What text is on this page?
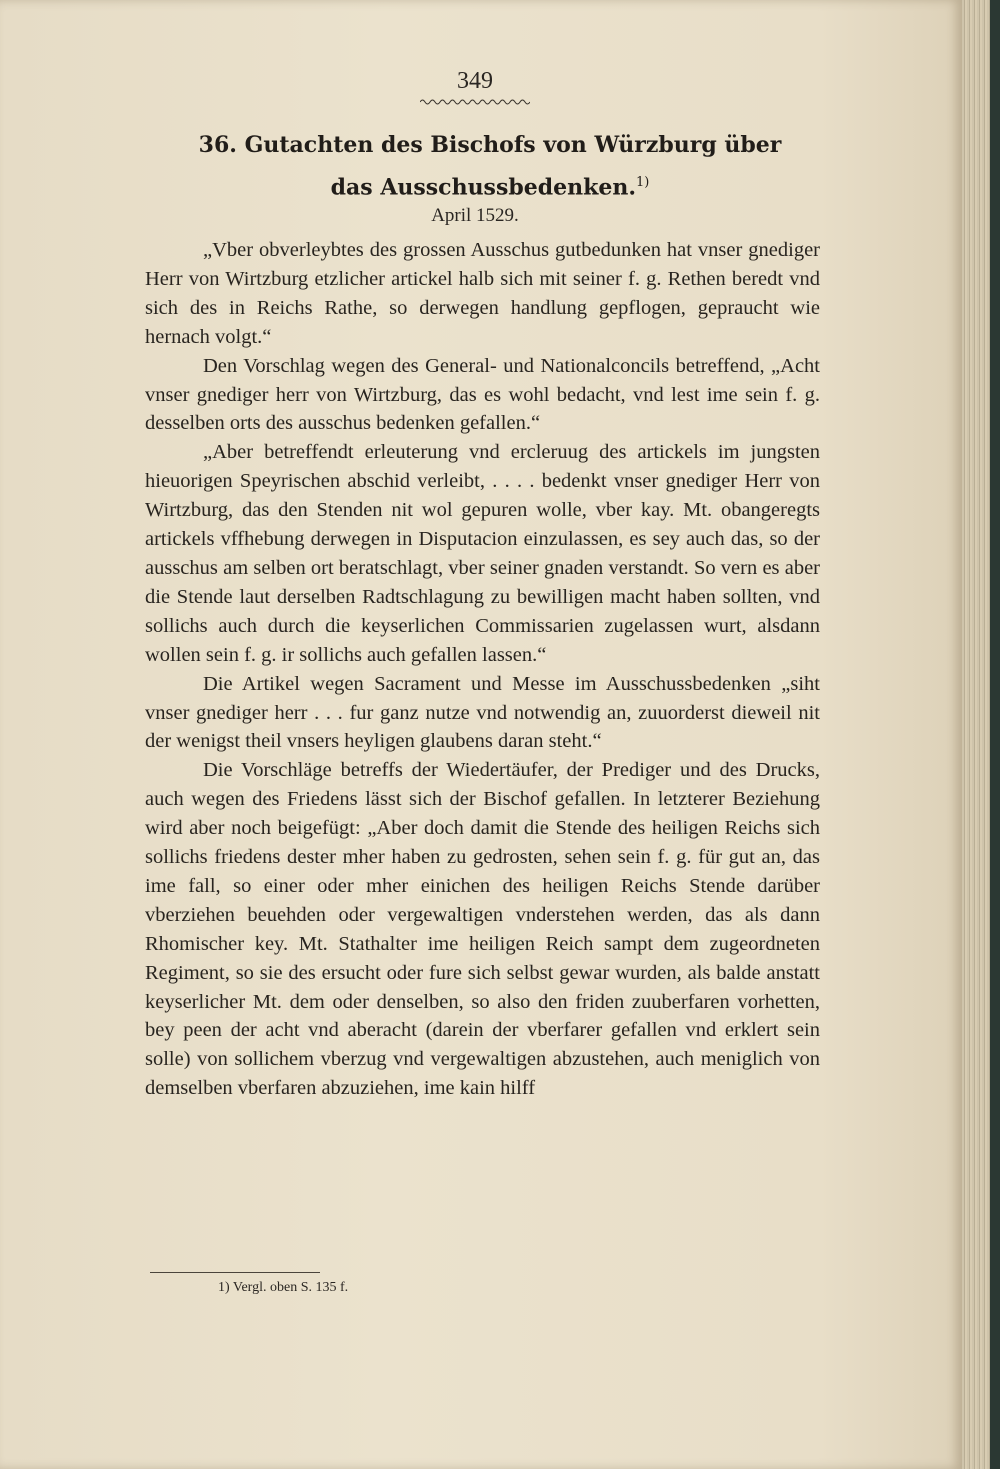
349
36. Gutachten des Bischofs von Würzburg über
das Ausschussbedenken.$^{1)}$
April 1529.

„Vber obverleybtes des grossen Ausschus gutbedunken hat vnser gnediger Herr von Wirtzburg etzlicher artickel halb sich mit seiner f. g. Rethen beredt vnd sich des in Reichs Rathe, so derwegen handlung gepflogen, gepraucht wie hernach volgt.“

Den Vorschlag wegen des General- und Nationalconcils betreffend, „Acht vnser gnediger herr von Wirtzburg, das es wohl bedacht, vnd lest ime sein f. g. desselben orts des ausschus bedenken gefallen.“

„Aber betreffendt erleuterung vnd ercleruug des artickels im jungsten hieuorigen Speyrischen abschid verleibt, . . . . bedenkt vnser gnediger Herr von Wirtzburg, das den Stenden nit wol gepuren wolle, vber kay. Mt. obangeregts artickels vffhebung derwegen in Disputacion einzulassen, es sey auch das, so der ausschus am selben ort beratschlagt, vber seiner gnaden verstandt. So vern es aber die Stende laut derselben Radtschlagung zu bewilligen macht haben sollten, vnd sollichs auch durch die keyserlichen Commissarien zugelassen wurt, alsdann wollen sein f. g. ir sollichs auch gefallen lassen.“

Die Artikel wegen Sacrament und Messe im Ausschussbedenken „siht vnser gnediger herr . . . fur ganz nutze vnd notwendig an, zuuorderst dieweil nit der wenigst theil vnsers heyligen glaubens daran steht.“

Die Vorschläge betreffs der Wiedertäufer, der Prediger und des Drucks, auch wegen des Friedens lässt sich der Bischof gefallen. In letzterer Beziehung wird aber noch beigefügt: „Aber doch damit die Stende des heiligen Reichs sich sollichs friedens dester mher haben zu gedrosten, sehen sein f. g. für gut an, das ime fall, so einer oder mher einichen des heiligen Reichs Stende darüber vberziehen beuehden oder vergewaltigen vnderstehen werden, das als dann Rhomischer key. Mt. Stathalter ime heiligen Reich sampt dem zugeordneten Regiment, so sie des ersucht oder fure sich selbst gewar wurden, als balde anstatt keyserlicher Mt. dem oder denselben, so also den friden zuuberfaren vorhetten, bey peen der acht vnd aberacht (darein der vberfarer gefallen vnd erklert sein solle) von sollichem vberzug vnd vergewaltigen abzustehen, auch meniglich von demselben vberfaren abzuziehen, ime kain hilff

1) Vergl. oben S. 135 f.
